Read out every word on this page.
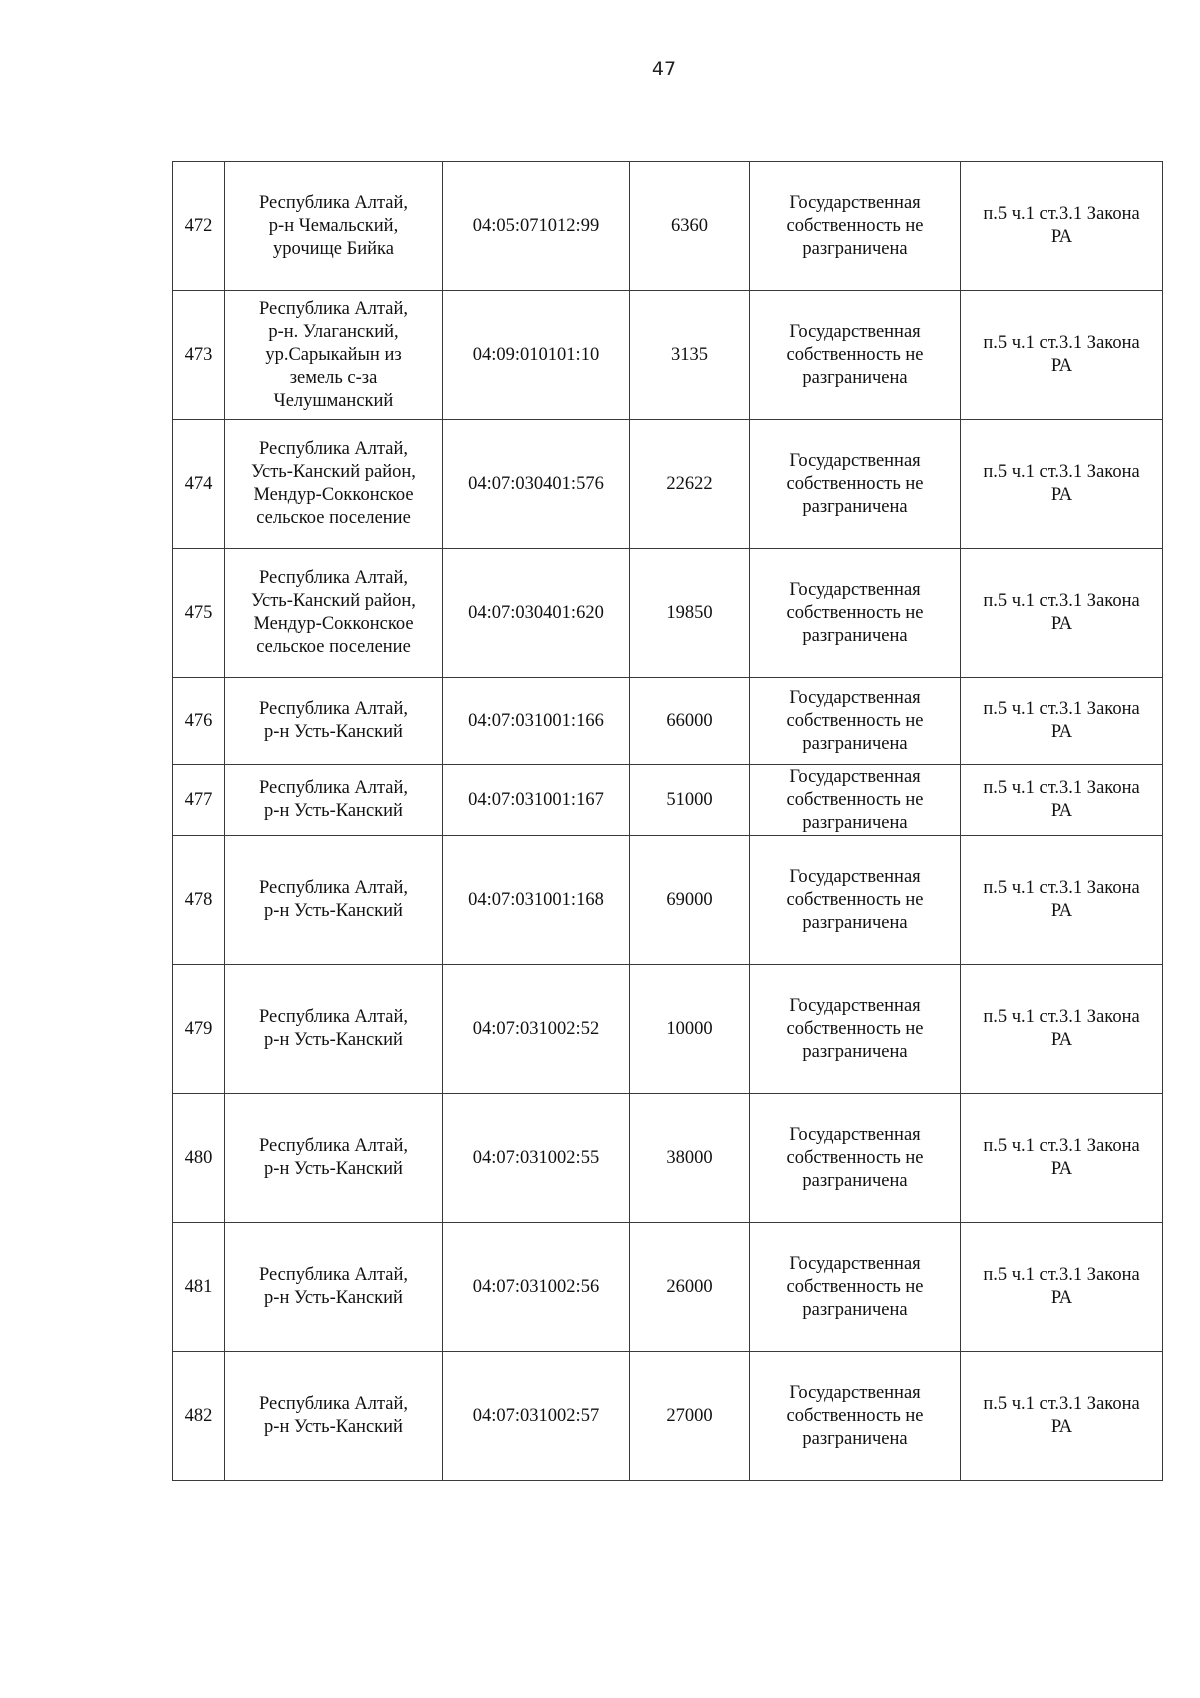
47
472	Республика Алтай,
р-н Чемальский,
урочище Бийка	04:05:071012:99	6360	Государственная
собственность не
разграничена	п.5 ч.1 ст.3.1 Закона
РА

473	Республика Алтай,
р-н. Улаганский,
ур.Сарыкайын из
земель с-за
Челушманский	04:09:010101:10	3135	Государственная
собственность не
разграничена	п.5 ч.1 ст.3.1 Закона
РА

474	Республика Алтай,
Усть-Канский район,
Мендур-Сокконское
сельское поселение	04:07:030401:576	22622	Государственная
собственность не
разграничена	п.5 ч.1 ст.3.1 Закона
РА

475	Республика Алтай,
Усть-Канский район,
Мендур-Сокконское
сельское поселение	04:07:030401:620	19850	Государственная
собственность не
разграничена	п.5 ч.1 ст.3.1 Закона
РА

476	Республика Алтай,
р-н Усть-Канский	04:07:031001:166	66000	Государственная
собственность не
разграничена	п.5 ч.1 ст.3.1 Закона
РА

477	Республика Алтай,
р-н Усть-Канский	04:07:031001:167	51000	Государственная
собственность не
разграничена	п.5 ч.1 ст.3.1 Закона
РА

478	Республика Алтай,
р-н Усть-Канский	04:07:031001:168	69000	Государственная
собственность не
разграничена	п.5 ч.1 ст.3.1 Закона
РА

479	Республика Алтай,
р-н Усть-Канский	04:07:031002:52	10000	Государственная
собственность не
разграничена	п.5 ч.1 ст.3.1 Закона
РА

480	Республика Алтай,
р-н Усть-Канский	04:07:031002:55	38000	Государственная
собственность не
разграничена	п.5 ч.1 ст.3.1 Закона
РА

481	Республика Алтай,
р-н Усть-Канский	04:07:031002:56	26000	Государственная
собственность не
разграничена	п.5 ч.1 ст.3.1 Закона
РА

482	Республика Алтай,
р-н Усть-Канский	04:07:031002:57	27000	Государственная
собственность не
разграничена	п.5 ч.1 ст.3.1 Закона
РА
